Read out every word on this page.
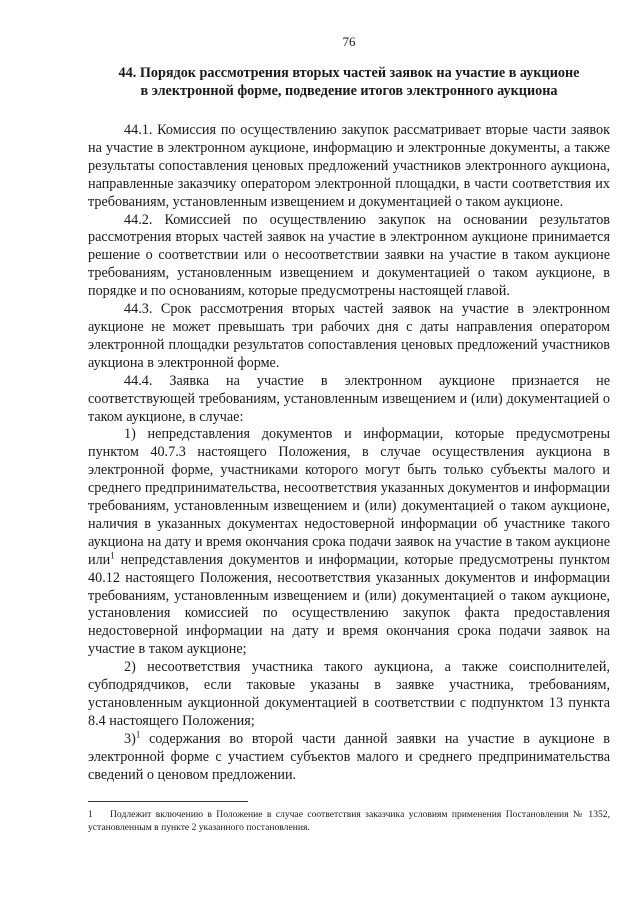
76
44. Порядок рассмотрения вторых частей заявок на участие в аукционе
в электронной форме, подведение итогов электронного аукциона

44.1. Комиссия по осуществлению закупок рассматривает вторые части заявок на участие в электронном аукционе, информацию и электронные документы, а также результаты сопоставления ценовых предложений участников электронного аукциона, направленные заказчику оператором электронной площадки, в части соответствия их требованиям, установленным извещением и документацией о таком аукционе.

44.2. Комиссией по осуществлению закупок на основании результатов рассмотрения вторых частей заявок на участие в электронном аукционе принимается решение о соответствии или о несоответствии заявки на участие в таком аукционе требованиям, установленным извещением и документацией о таком аукционе, в порядке и по основаниям, которые предусмотрены настоящей главой.

44.3. Срок рассмотрения вторых частей заявок на участие в электронном аукционе не может превышать три рабочих дня с даты направления оператором электронной площадки результатов сопоставления ценовых предложений участников аукциона в электронной форме.

44.4. Заявка на участие в электронном аукционе признается не соответствующей требованиям, установленным извещением и (или) документацией о таком аукционе, в случае:

1) непредставления документов и информации, которые предусмотрены пунктом 40.7.3 настоящего Положения, в случае осуществления аукциона в электронной форме, участниками которого могут быть только субъекты малого и среднего предпринимательства, несоответствия указанных документов и информации требованиям, установленным извещением и (или) документацией о таком аукционе, наличия в указанных документах недостоверной информации об участнике такого аукциона на дату и время окончания срока подачи заявок на участие в таком аукционе или$^1$ непредставления документов и информации, которые предусмотрены пунктом 40.12 настоящего Положения, несоответствия указанных документов и информации требованиям, установленным извещением и (или) документацией о таком аукционе, установления комиссией по осуществлению закупок факта предоставления недостоверной информации на дату и время окончания срока подачи заявок на участие в таком аукционе;

2) несоответствия участника такого аукциона, а также соисполнителей, субподрядчиков, если таковые указаны в заявке участника, требованиям, установленным аукционной документацией в соответствии с подпунктом 13 пункта 8.4 настоящего Положения;

3)$^1$ содержания во второй части данной заявки на участие в аукционе в электронной форме с участием субъектов малого и среднего предпринимательства сведений о ценовом предложении.

1 Подлежит включению в Положение в случае соответствия заказчика условиям применения Постановления № 1352, установленным в пункте 2 указанного постановления.
